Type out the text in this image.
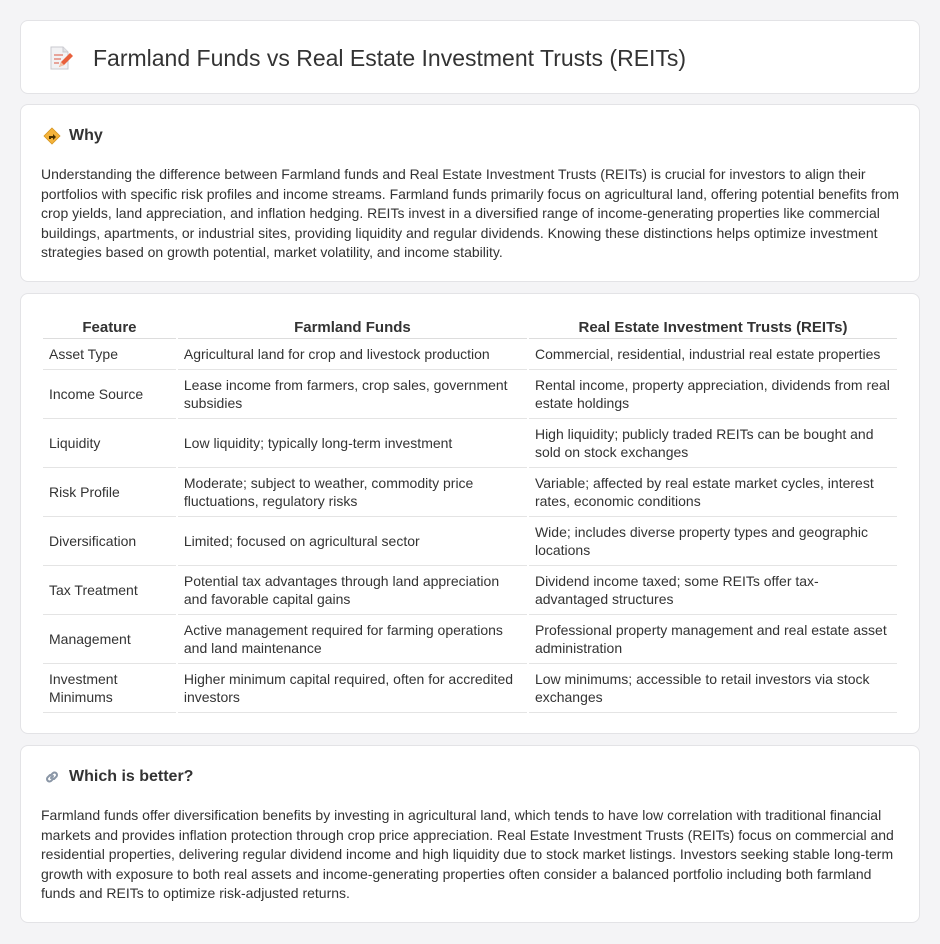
Farmland Funds vs Real Estate Investment Trusts (REITs)
Why

Understanding the difference between Farmland funds and Real Estate Investment Trusts (REITs) is crucial for investors to align their portfolios with specific risk profiles and income streams. Farmland funds primarily focus on agricultural land, offering potential benefits from crop yields, land appreciation, and inflation hedging. REITs invest in a diversified range of income-generating properties like commercial buildings, apartments, or industrial sites, providing liquidity and regular dividends. Knowing these distinctions helps optimize investment strategies based on growth potential, market volatility, and income stability.

Feature	Farmland Funds	Real Estate Investment Trusts (REITs)
Asset Type	Agricultural land for crop and livestock production	Commercial, residential, industrial real estate properties
Income Source	Lease income from farmers, crop sales, government subsidies	Rental income, property appreciation, dividends from real estate holdings
Liquidity	Low liquidity; typically long-term investment	High liquidity; publicly traded REITs can be bought and sold on stock exchanges
Risk Profile	Moderate; subject to weather, commodity price fluctuations, regulatory risks	Variable; affected by real estate market cycles, interest rates, economic conditions
Diversification	Limited; focused on agricultural sector	Wide; includes diverse property types and geographic locations
Tax Treatment	Potential tax advantages through land appreciation and favorable capital gains	Dividend income taxed; some REITs offer tax-advantaged structures
Management	Active management required for farming operations and land maintenance	Professional property management and real estate asset administration
Investment Minimums	Higher minimum capital required, often for accredited investors	Low minimums; accessible to retail investors via stock exchanges
Which is better?

Farmland funds offer diversification benefits by investing in agricultural land, which tends to have low correlation with traditional financial markets and provides inflation protection through crop price appreciation. Real Estate Investment Trusts (REITs) focus on commercial and residential properties, delivering regular dividend income and high liquidity due to stock market listings. Investors seeking stable long-term growth with exposure to both real assets and income-generating properties often consider a balanced portfolio including both farmland funds and REITs to optimize risk-adjusted returns.
